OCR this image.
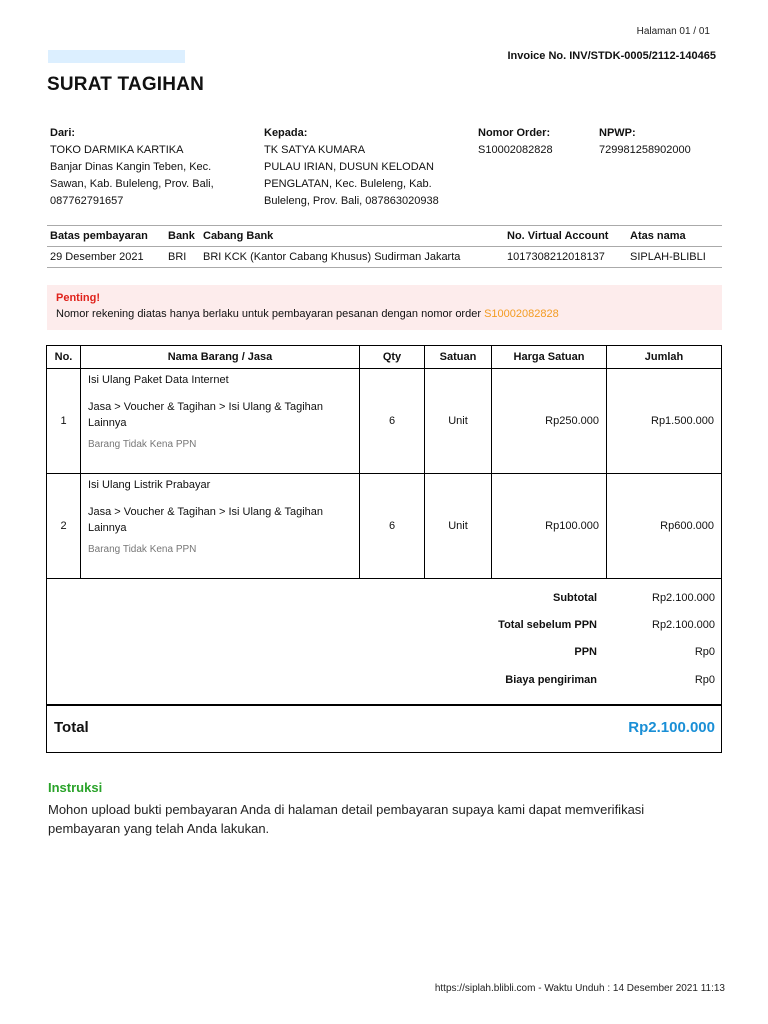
Halaman 01 / 01
Invoice No. INV/STDK-0005/2112-140465
SURAT TAGIHAN
Dari:
TOKO DARMIKA KARTIKA
Banjar Dinas Kangin Teben, Kec. Sawan, Kab. Buleleng, Prov. Bali, 087762791657
Kepada:
TK SATYA KUMARA
PULAU IRIAN, DUSUN KELODAN PENGLATAN, Kec. Buleleng, Kab. Buleleng, Prov. Bali, 087863020938
Nomor Order:
S10002082828
NPWP:
729981258902000
Batas pembayaran	Bank	Cabang Bank	No. Virtual Account	Atas nama
29 Desember 2021	BRI	BRI KCK (Kantor Cabang Khusus) Sudirman Jakarta	1017308212018137	SIPLAH-BLIBLI
Penting!
Nomor rekening diatas hanya berlaku untuk pembayaran pesanan dengan nomor order S10002082828
No.	Nama Barang / Jasa	Qty	Satuan	Harga Satuan	Jumlah
1	Isi Ulang Paket Data Internet
Jasa > Voucher & Tagihan > Isi Ulang & Tagihan Lainnya
Barang Tidak Kena PPN	6	Unit	Rp250.000	Rp1.500.000
2	Isi Ulang Listrik Prabayar
Jasa > Voucher & Tagihan > Isi Ulang & Tagihan Lainnya
Barang Tidak Kena PPN	6	Unit	Rp100.000	Rp600.000
Subtotal	Rp2.100.000
Total sebelum PPN	Rp2.100.000
PPN	Rp0
Biaya pengiriman	Rp0
Total	Rp2.100.000
Instruksi
Mohon upload bukti pembayaran Anda di halaman detail pembayaran supaya kami dapat memverifikasi pembayaran yang telah Anda lakukan.
https://siplah.blibli.com - Waktu Unduh : 14 Desember 2021 11:13
